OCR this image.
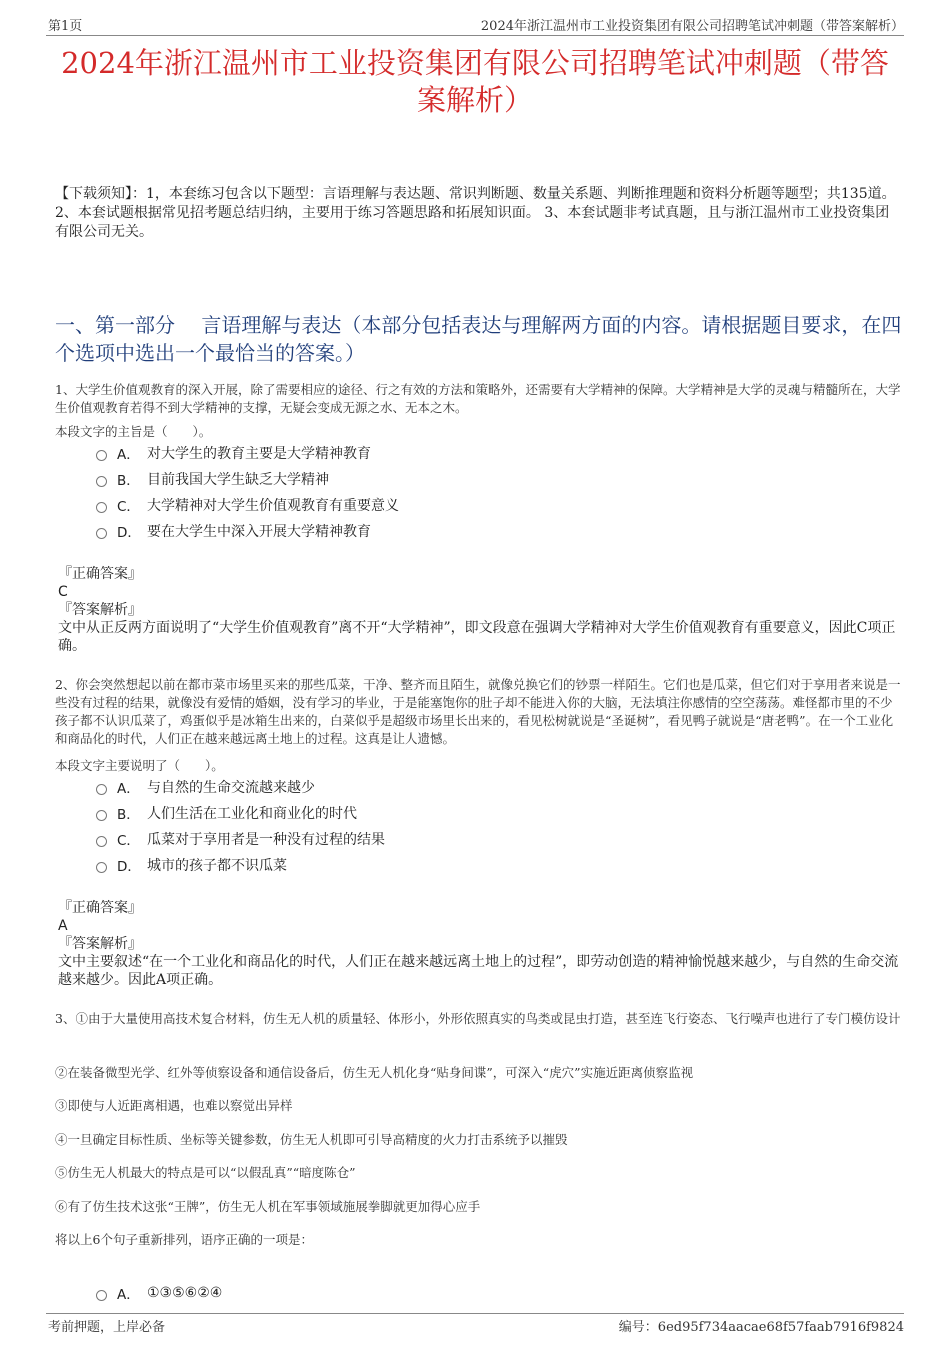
第1页	2024年浙江温州市工业投资集团有限公司招聘笔试冲刺题（带答案解析）
2024年浙江温州市工业投资集团有限公司招聘笔试冲刺题（带答案解析）
【下载须知】：1，本套练习包含以下题型：言语理解与表达题、常识判断题、数量关系题、判断推理题和资料分析题等题型；共135道。 2、本套试题根据常见招考题总结归纳，主要用于练习答题思路和拓展知识面。 3、本套试题非考试真题，且与浙江温州市工业投资集团有限公司无关。
一、第一部分　 言语理解与表达（本部分包括表达与理解两方面的内容。请根据题目要求，在四个选项中选出一个最恰当的答案。）
1、大学生价值观教育的深入开展，除了需要相应的途径、行之有效的方法和策略外，还需要有大学精神的保障。大学精神是大学的灵魂与精髓所在，大学生价值观教育若得不到大学精神的支撑，无疑会变成无源之水、无本之木。
本段文字的主旨是（　　）。
A． 对大学生的教育主要是大学精神教育
B． 目前我国大学生缺乏大学精神
C． 大学精神对大学生价值观教育有重要意义
D． 要在大学生中深入开展大学精神教育
『正确答案』
C
『答案解析』
文中从正反两方面说明了“大学生价值观教育”离不开“大学精神”，即文段意在强调大学精神对大学生价值观教育有重要意义，因此C项正确。
2、你会突然想起以前在都市菜市场里买来的那些瓜菜，干净、整齐而且陌生，就像兑换它们的钞票一样陌生。它们也是瓜菜，但它们对于享用者来说是一些没有过程的结果，就像没有爱情的婚姻，没有学习的毕业，于是能塞饱你的肚子却不能进入你的大脑，无法填注你感情的空空荡荡。难怪都市里的不少孩子都不认识瓜菜了，鸡蛋似乎是冰箱生出来的，白菜似乎是超级市场里长出来的，看见松树就说是“圣诞树”，看见鸭子就说是“唐老鸭”。在一个工业化和商品化的时代，人们正在越来越远离土地上的过程。这真是让人遗憾。
本段文字主要说明了（　　）。
A． 与自然的生命交流越来越少
B． 人们生活在工业化和商业化的时代
C． 瓜菜对于享用者是一种没有过程的结果
D． 城市的孩子都不识瓜菜
『正确答案』
A
『答案解析』
文中主要叙述“在一个工业化和商品化的时代，人们正在越来越远离土地上的过程”，即劳动创造的精神愉悦越来越少，与自然的生命交流越来越少。因此A项正确。
3、①由于大量使用高技术复合材料，仿生无人机的质量轻、体形小，外形依照真实的鸟类或昆虫打造，甚至连飞行姿态、飞行噪声也进行了专门模仿设计
②在装备微型光学、红外等侦察设备和通信设备后，仿生无人机化身“贴身间谍”，可深入“虎穴”实施近距离侦察监视
③即使与人近距离相遇，也难以察觉出异样
④一旦确定目标性质、坐标等关键参数，仿生无人机即可引导高精度的火力打击系统予以摧毁
⑤仿生无人机最大的特点是可以“以假乱真”“暗度陈仓”
⑥有了仿生技术这张“王牌”，仿生无人机在军事领域施展拳脚就更加得心应手
将以上6个句子重新排列，语序正确的一项是：
A． ①③⑤⑥②④
考前押题，上岸必备	编号：6ed95f734aacae68f57faab7916f9824
